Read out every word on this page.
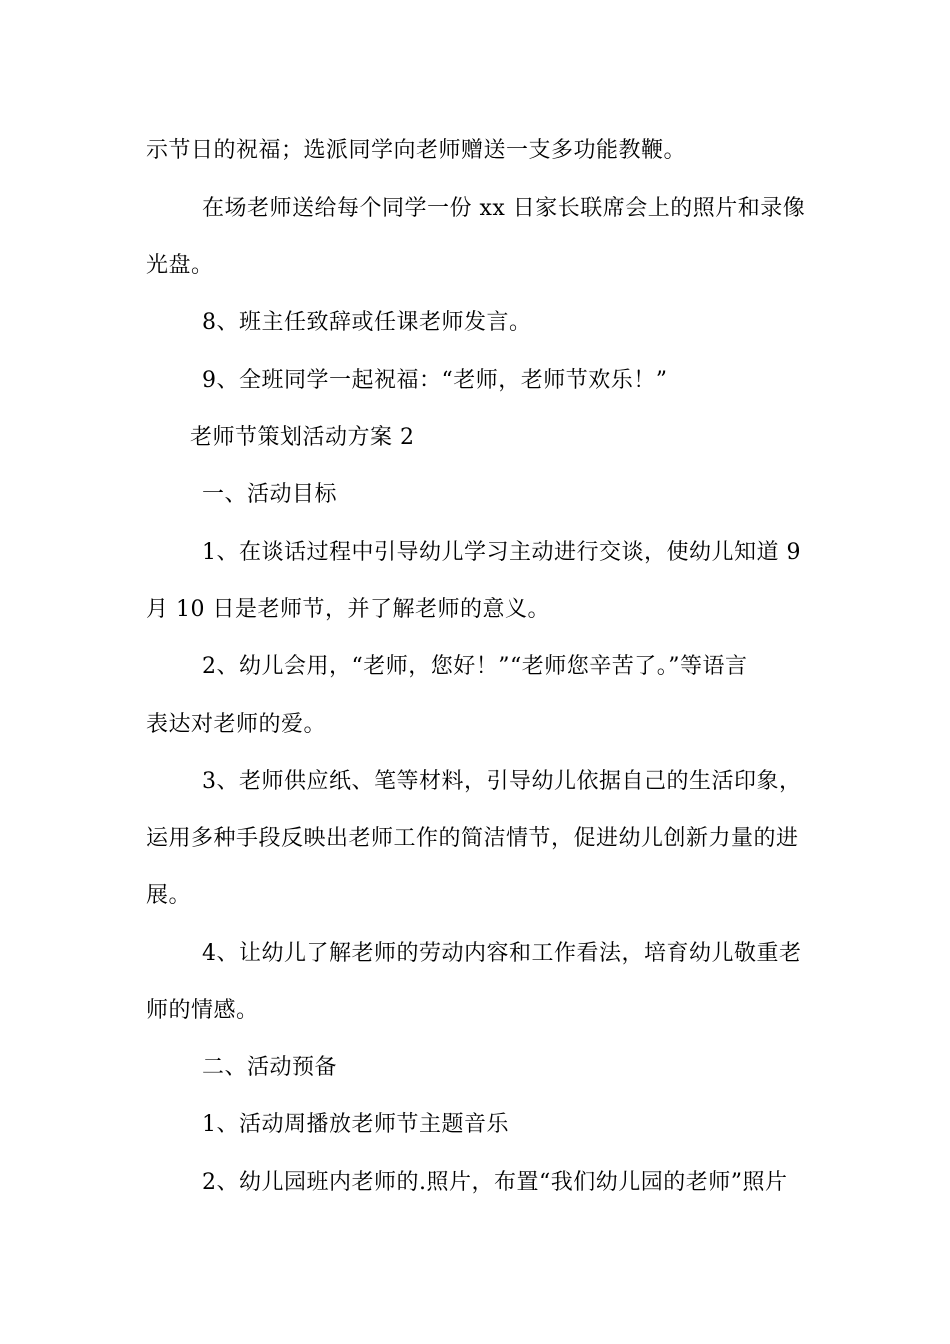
示节日的祝福；选派同学向老师赠送一支多功能教鞭。

在场老师送给每个同学一份 xx 日家长联席会上的照片和录像

光盘。

8、班主任致辞或任课老师发言。

9、全班同学一起祝福：“老师，老师节欢乐！”

老师节策划活动方案 2

一、活动目标

1、在谈话过程中引导幼儿学习主动进行交谈，使幼儿知道 9

月 10 日是老师节，并了解老师的意义。

2、幼儿会用，“老师，您好！”“老师您辛苦了。”等语言

表达对老师的爱。

3、老师供应纸、笔等材料，引导幼儿依据自己的生活印象，

运用多种手段反映出老师工作的简洁情节，促进幼儿创新力量的进

展。

4、让幼儿了解老师的劳动内容和工作看法，培育幼儿敬重老

师的情感。

二、活动预备

1、活动周播放老师节主题音乐

2、幼儿园班内老师的.照片，布置“我们幼儿园的老师”照片
